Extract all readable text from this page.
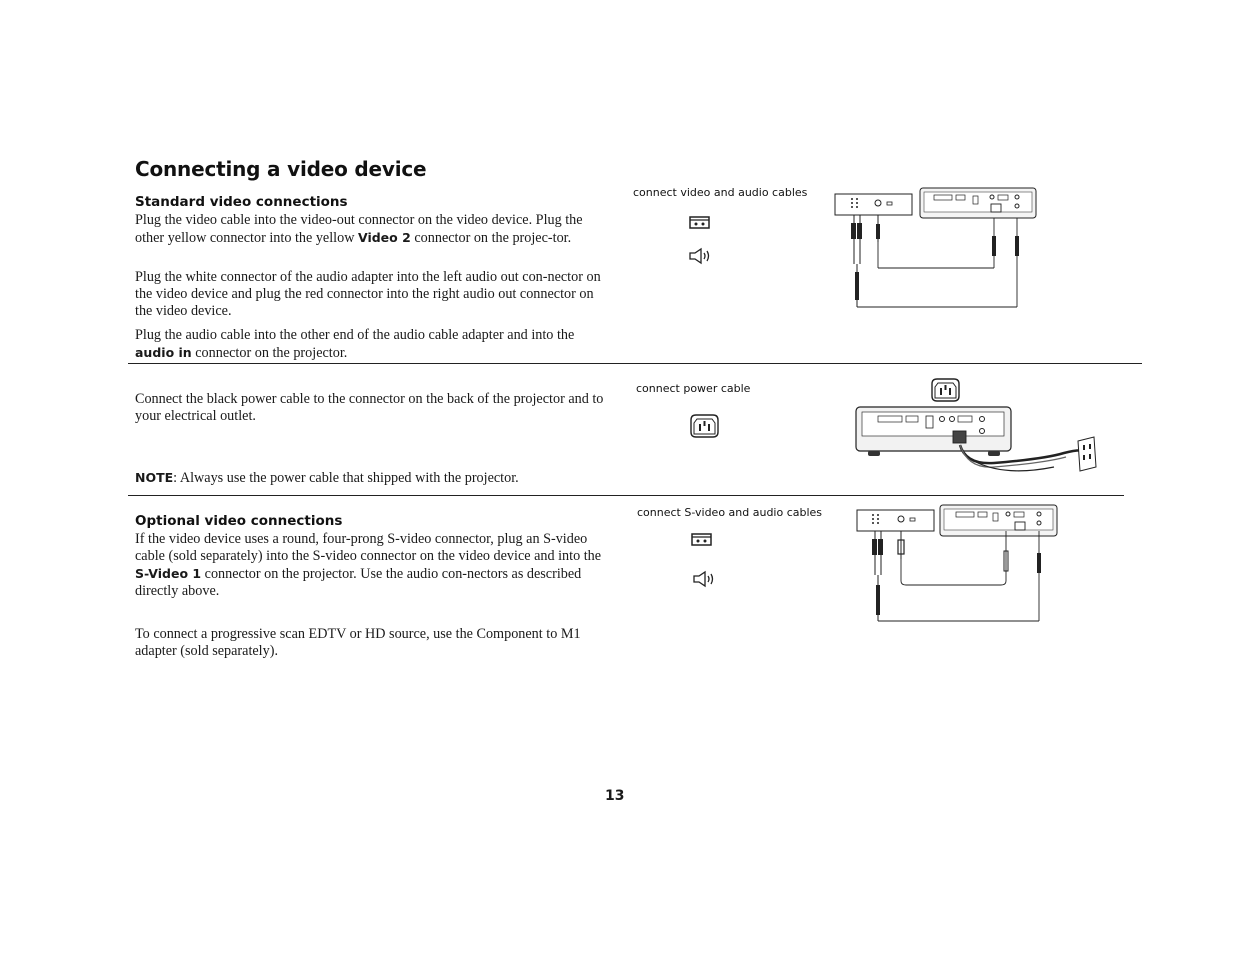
Connecting a video device
Standard video connections

Plug the video cable into the video-out connector on the video device. Plug the other yellow connector into the yellow Video 2 connector on the projec-tor.

Plug the white connector of the audio adapter into the left audio out con-nector on the video device and plug the red connector into the right audio out connector on the video device.

Plug the audio cable into the other end of the audio cable adapter and into the audio in connector on the projector.

connect video and audio cables

Connect the black power cable to the connector on the back of the projector and to your electrical outlet.

NOTE: Always use the power cable that shipped with the projector.

connect power cable
Optional video connections

If the video device uses a round, four-prong S-video connector, plug an S-video cable (sold separately) into the S-video connector on the video device and into the S-Video 1 connector on the projector. Use the audio con-nectors as described directly above.

To connect a progressive scan EDTV or HD source, use the Component to M1 adapter (sold separately).

connect S-video and audio cables
13
